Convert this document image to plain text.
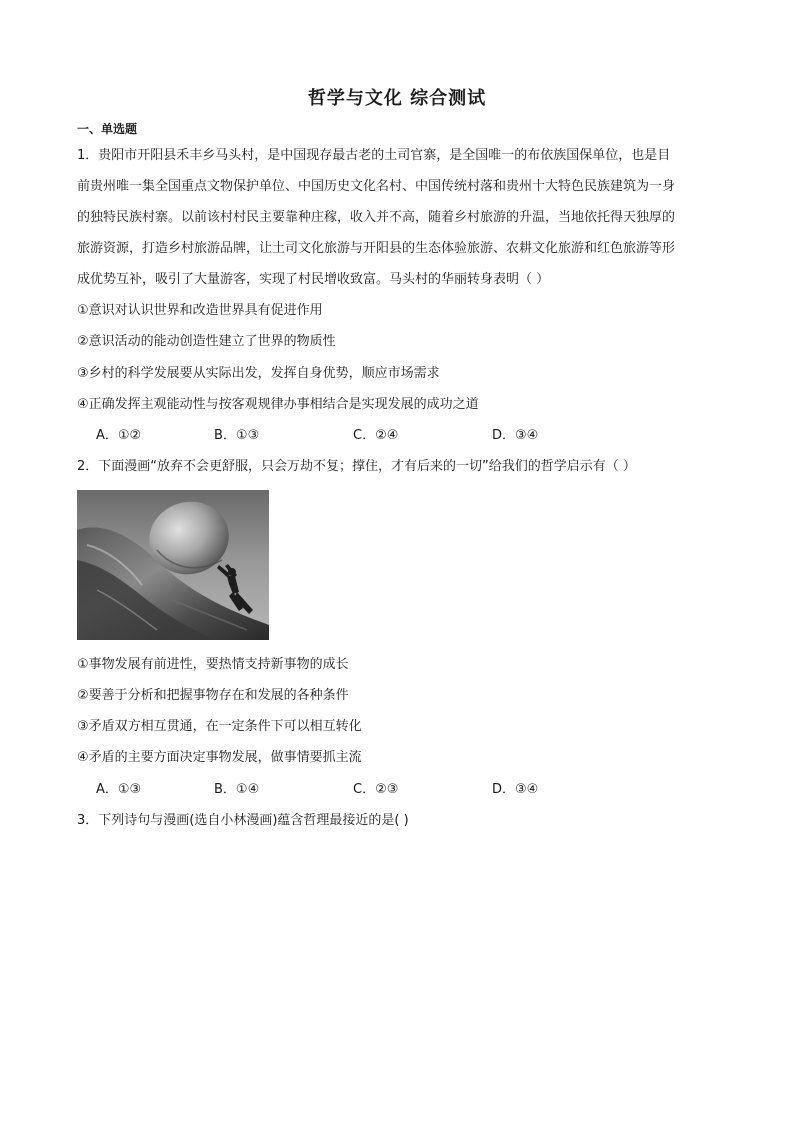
哲学与文化 综合测试
一、单选题
1．贵阳市开阳县禾丰乡马头村，是中国现存最古老的土司官寨，是全国唯一的布依族国保单位，也是目
前贵州唯一集全国重点文物保护单位、中国历史文化名村、中国传统村落和贵州十大特色民族建筑为一身
的独特民族村寨。以前该村村民主要靠种庄稼，收入并不高，随着乡村旅游的升温，当地依托得天独厚的
旅游资源，打造乡村旅游品牌，让土司文化旅游与开阳县的生态体验旅游、农耕文化旅游和红色旅游等形
成优势互补，吸引了大量游客，实现了村民增收致富。马头村的华丽转身表明（ ）
①意识对认识世界和改造世界具有促进作用
②意识活动的能动创造性建立了世界的物质性
③乡村的科学发展要从实际出发，发挥自身优势，顺应市场需求
④正确发挥主观能动性与按客观规律办事相结合是实现发展的成功之道
A．①②	B．①③	C．②④	D．③④
2．下面漫画“放弃不会更舒服，只会万劫不复；撑住，才有后来的一切”给我们的哲学启示有（ ）
①事物发展有前进性，要热情支持新事物的成长
②要善于分析和把握事物存在和发展的各种条件
③矛盾双方相互贯通，在一定条件下可以相互转化
④矛盾的主要方面决定事物发展，做事情要抓主流
A．①③	B．①④	C．②③	D．③④
3．下列诗句与漫画(选自小林漫画)蕴含哲理最接近的是( )
